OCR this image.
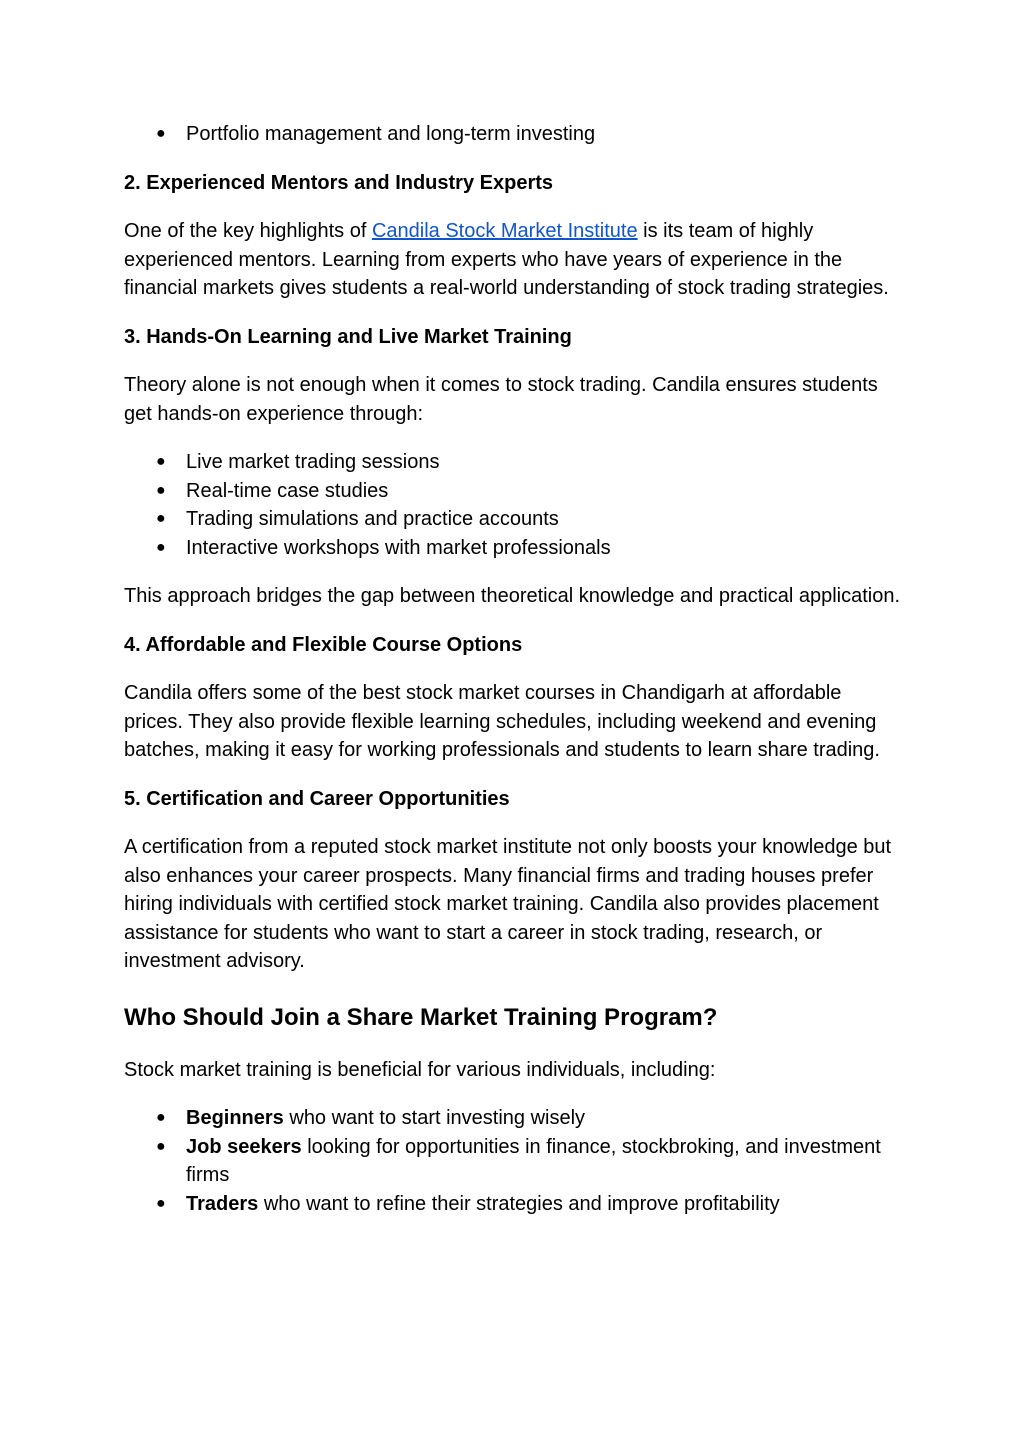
● Portfolio management and long-term investing

2. Experienced Mentors and Industry Experts

One of the key highlights of Candila Stock Market Institute is its team of highly experienced mentors. Learning from experts who have years of experience in the financial markets gives students a real-world understanding of stock trading strategies.

3. Hands-On Learning and Live Market Training

Theory alone is not enough when it comes to stock trading. Candila ensures students get hands-on experience through:

● Live market trading sessions
● Real-time case studies
● Trading simulations and practice accounts
● Interactive workshops with market professionals

This approach bridges the gap between theoretical knowledge and practical application.

4. Affordable and Flexible Course Options

Candila offers some of the best stock market courses in Chandigarh at affordable prices. They also provide flexible learning schedules, including weekend and evening batches, making it easy for working professionals and students to learn share trading.

5. Certification and Career Opportunities

A certification from a reputed stock market institute not only boosts your knowledge but also enhances your career prospects. Many financial firms and trading houses prefer hiring individuals with certified stock market training. Candila also provides placement assistance for students who want to start a career in stock trading, research, or investment advisory.

Who Should Join a Share Market Training Program?

Stock market training is beneficial for various individuals, including:

● Beginners who want to start investing wisely
● Job seekers looking for opportunities in finance, stockbroking, and investment firms
● Traders who want to refine their strategies and improve profitability
